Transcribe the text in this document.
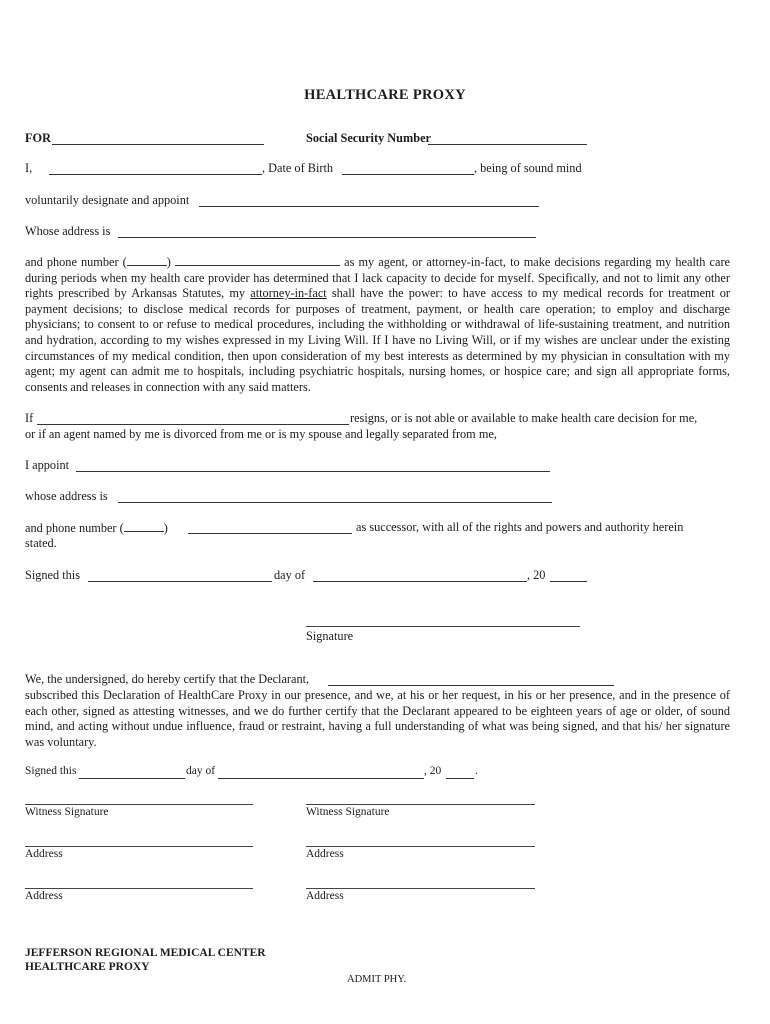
HEALTHCARE PROXY
FOR	Social Security Number
I,	, Date of Birth	, being of sound mind
voluntarily designate and appoint
Whose address is
and phone number (	)	as my agent, or attorney-in-fact, to make decisions regarding my health care during periods when my health care provider has determined that I lack capacity to decide for myself. Specifically, and not to limit any other rights prescribed by Arkansas Statutes, my attorney-in-fact shall have the power: to have access to my medical records for treatment or payment decisions; to disclose medical records for purposes of treatment, payment, or health care operation; to employ and discharge physicians; to consent to or refuse to medical procedures, including the withholding or withdrawal of life-sustaining treatment, and nutrition and hydration, according to my wishes expressed in my Living Will. If I have no Living Will, or if my wishes are unclear under the existing circumstances of my medical condition, then upon consideration of my best interests as determined by my physician in consultation with my agent; my agent can admit me to hospitals, including psychiatric hospitals, nursing homes, or hospice care; and sign all appropriate forms, consents and releases in connection with any said matters.
If	resigns, or is not able or available to make health care decision for me,
or if an agent named by me is divorced from me or is my spouse and legally separated from me,
I appoint
whose address is
and phone number (	)	as successor, with all of the rights and powers and authority herein
stated.
Signed this	day of	, 20
Signature
We, the undersigned, do hereby certify that the Declarant,
subscribed this Declaration of HealthCare Proxy in our presence, and we, at his or her request, in his or her presence, and in the presence of each other, signed as attesting witnesses, and we do further certify that the Declarant appeared to be eighteen years of age or older, of sound mind, and acting without undue influence, fraud or restraint, having a full understanding of what was being signed, and that his/ her signature was voluntary.
Signed this	day of	, 20	.
Witness Signature	Witness Signature
Address	Address
Address	Address
JEFFERSON REGIONAL MEDICAL CENTER
HEALTHCARE PROXY
ADMIT PHY.
